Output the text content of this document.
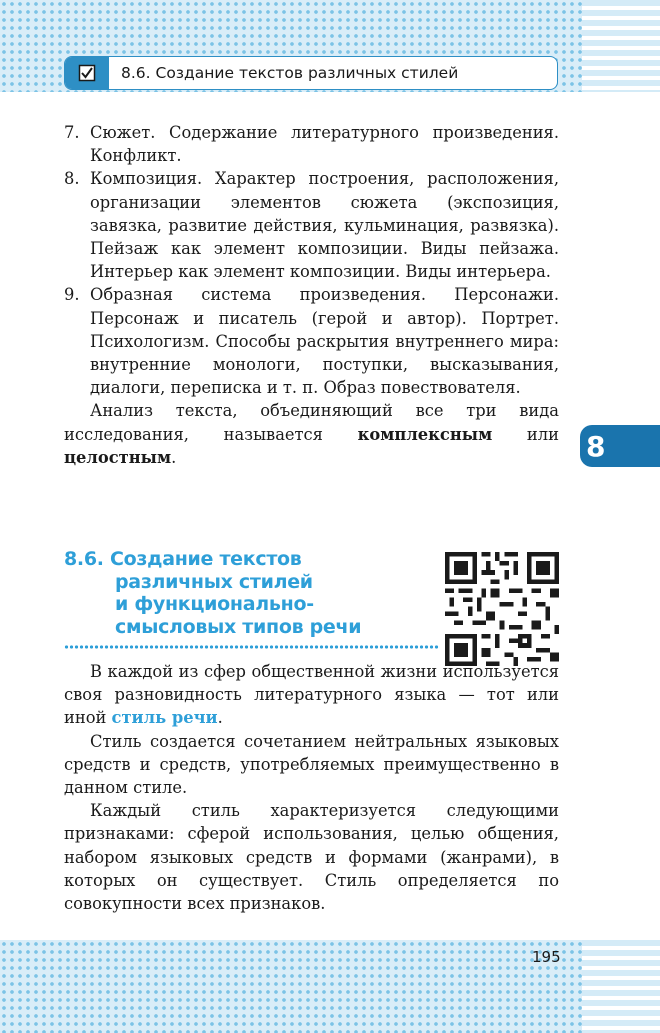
8.6. Создание текстов различных стилей
7. Сюжет. Содержание литературного произведения. Конфликт.
8. Композиция. Характер построения, расположения, организации элементов сюжета (экспозиция, завязка, развитие действия, кульминация, развязка). Пейзаж как элемент композиции. Виды пейзажа. Интерьер как элемент композиции. Виды интерьера.
9. Образная система произведения. Персонажи. Персонаж и писатель (герой и автор). Портрет. Психологизм. Способы раскрытия внутреннего мира: внутренние монологи, поступки, высказывания, диалоги, переписка и т. п. Образ повествователя.

Анализ текста, объединяющий все три вида исследования, называется комплексным или целостным.	8
8.6. Создание текстов
различных стилей
и функционально-
смысловых типов речи

В каждой из сфер общественной жизни используется своя разновидность литературного языка — тот или иной стиль речи.

Стиль создается сочетанием нейтральных языковых средств и средств, употребляемых преимущественно в данном стиле.

Каждый стиль характеризуется следующими признаками: сферой использования, целью общения, набором языковых средств и формами (жанрами), в которых он существует. Стиль определяется по совокупности всех признаков.

195
